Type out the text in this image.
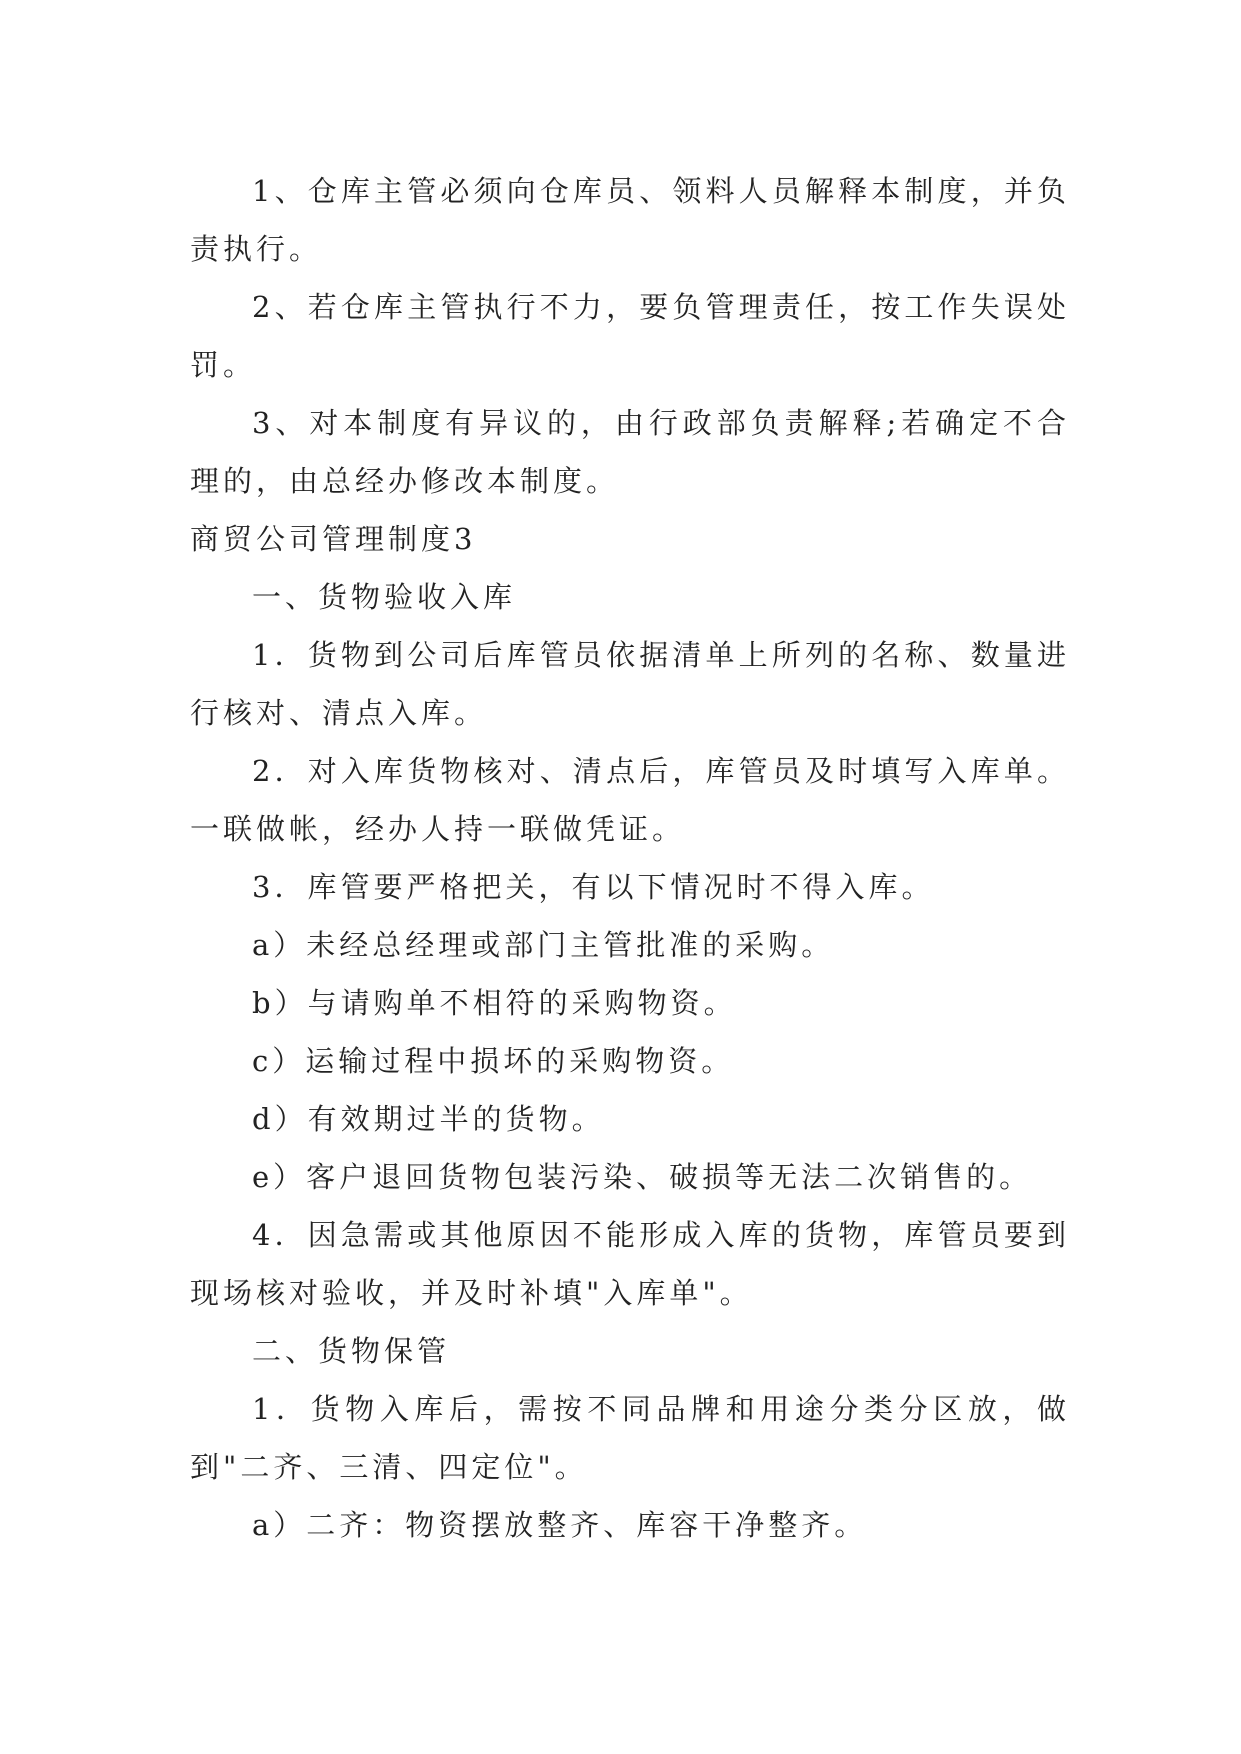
1、仓库主管必须向仓库员、领料人员解释本制度，并负责执行。

2、若仓库主管执行不力，要负管理责任，按工作失误处罚。

3、对本制度有异议的，由行政部负责解释;若确定不合理的，由总经办修改本制度。

商贸公司管理制度3

一、货物验收入库

1．货物到公司后库管员依据清单上所列的名称、数量进行核对、清点入库。

2．对入库货物核对、清点后，库管员及时填写入库单。一联做帐，经办人持一联做凭证。

3．库管要严格把关，有以下情况时不得入库。

a）未经总经理或部门主管批准的采购。

b）与请购单不相符的采购物资。

c）运输过程中损坏的采购物资。

d）有效期过半的货物。

e）客户退回货物包装污染、破损等无法二次销售的。

4．因急需或其他原因不能形成入库的货物，库管员要到现场核对验收，并及时补填"入库单"。

二、货物保管

1．货物入库后，需按不同品牌和用途分类分区放，做到"二齐、三清、四定位"。

a）二齐：物资摆放整齐、库容干净整齐。
